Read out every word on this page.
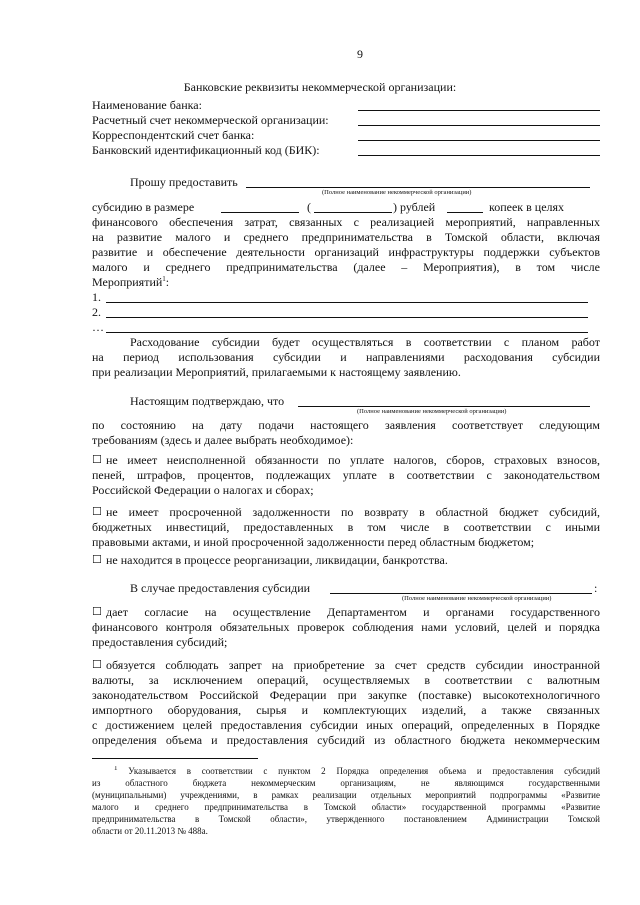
9
Банковские реквизиты некоммерческой организации:
Наименование банка:
Расчетный счет некоммерческой организации:
Корреспондентский счет банка:
Банковский идентификационный код (БИК):
Прошу предоставить
(Полное наименование некоммерческой организации)
субсидию в размере	(	) рублей	копеек в целях
финансового обеспечения затрат, связанных с реализацией мероприятий, направленных
на развитие малого и среднего предпринимательства в Томской области, включая
развитие и обеспечение деятельности организаций инфраструктуры поддержки субъектов
малого и среднего предпринимательства (далее – Мероприятия), в том числе
Мероприятий$^1$:
1.
2.
…
Расходование субсидии будет осуществляться в соответствии с планом работ
на период использования субсидии и направлениями расходования субсидии
при реализации Мероприятий, прилагаемыми к настоящему заявлению.
Настоящим подтверждаю, что
(Полное наименование некоммерческой организации)
по состоянию на дату подачи настоящего заявления соответствует следующим
требованиям (здесь и далее выбрать необходимое):
☐ не имеет неисполненной обязанности по уплате налогов, сборов, страховых взносов,
пеней, штрафов, процентов, подлежащих уплате в соответствии с законодательством
Российской Федерации о налогах и сборах;
☐ не имеет просроченной задолженности по возврату в областной бюджет субсидий,
бюджетных инвестиций, предоставленных в том числе в соответствии с иными
правовыми актами, и иной просроченной задолженности перед областным бюджетом;
☐ не находится в процессе реорганизации, ликвидации, банкротства.
В случае предоставления субсидии	:
(Полное наименование некоммерческой организации)
☐ дает согласие на осуществление Департаментом и органами государственного
финансового контроля обязательных проверок соблюдения нами условий, целей и порядка
предоставления субсидий;
☐ обязуется соблюдать запрет на приобретение за счет средств субсидии иностранной
валюты, за исключением операций, осуществляемых в соответствии с валютным
законодательством Российской Федерации при закупке (поставке) высокотехнологичного
импортного оборудования, сырья и комплектующих изделий, а также связанных
с достижением целей предоставления субсидии иных операций, определенных в Порядке
определения объема и предоставления субсидий из областного бюджета некоммерческим
$^1$ Указывается в соответствии с пунктом 2 Порядка определения объема и предоставления субсидий
из областного бюджета некоммерческим организациям, не являющимся государственными
(муниципальными) учреждениями, в рамках реализации отдельных мероприятий подпрограммы «Развитие
малого и среднего предпринимательства в Томской области» государственной программы «Развитие
предпринимательства в Томской области», утвержденного постановлением Администрации Томской
области от 20.11.2013 № 488а.
